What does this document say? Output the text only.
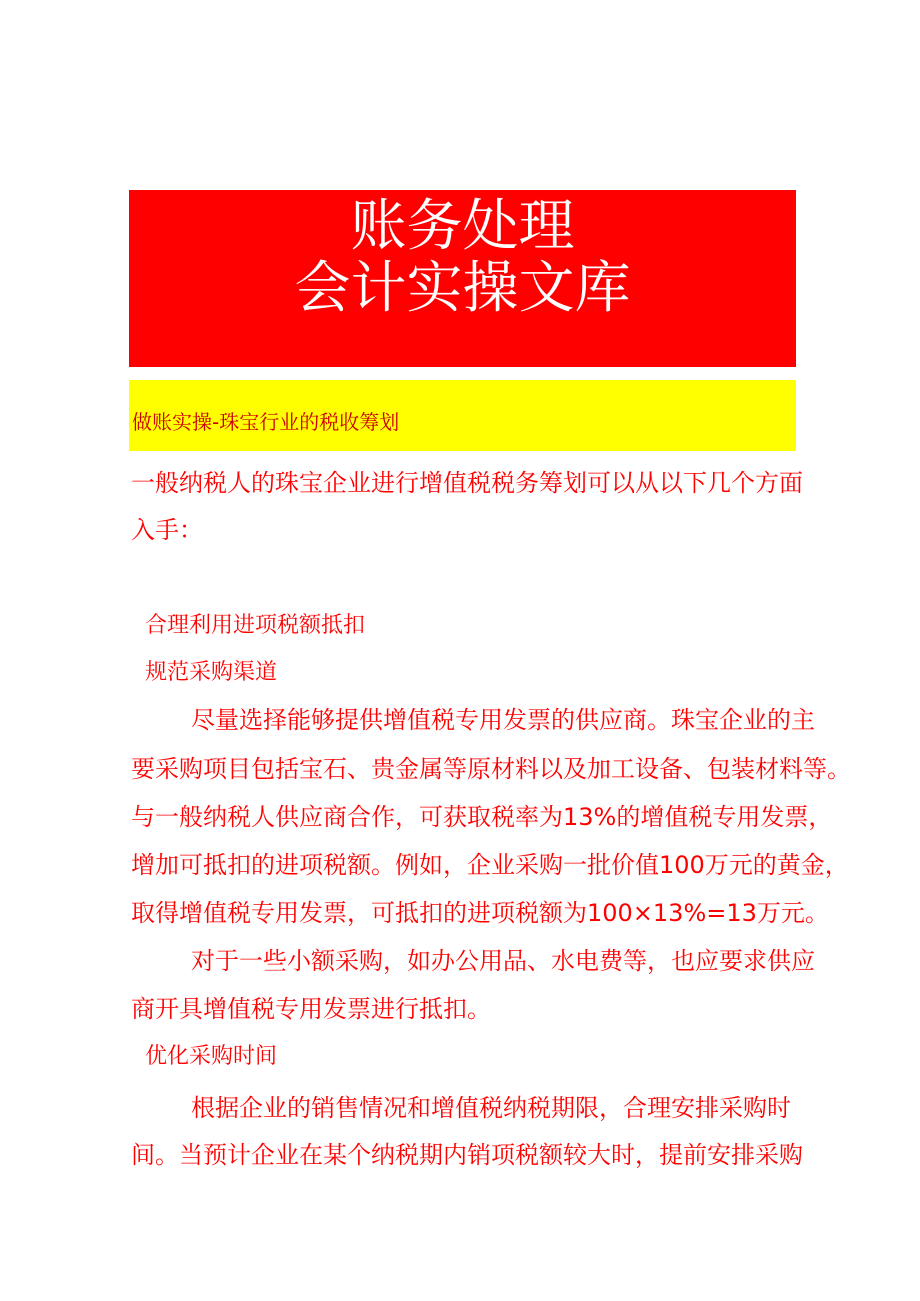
账务处理
会计实操文库
做账实操-珠宝行业的税收筹划
一般纳税人的珠宝企业进行增值税税务筹划可以从以下几个方面
入手：
合理利用进项税额抵扣
规范采购渠道
尽量选择能够提供增值税专用发票的供应商。珠宝企业的主
要采购项目包括宝石、贵金属等原材料以及加工设备、包装材料等。
与一般纳税人供应商合作，可获取税率为13%的增值税专用发票，
增加可抵扣的进项税额。例如，企业采购一批价值100万元的黄金，
取得增值税专用发票，可抵扣的进项税额为100×13%=13万元。
对于一些小额采购，如办公用品、水电费等，也应要求供应
商开具增值税专用发票进行抵扣。
优化采购时间
根据企业的销售情况和增值税纳税期限，合理安排采购时
间。当预计企业在某个纳税期内销项税额较大时，提前安排采购
